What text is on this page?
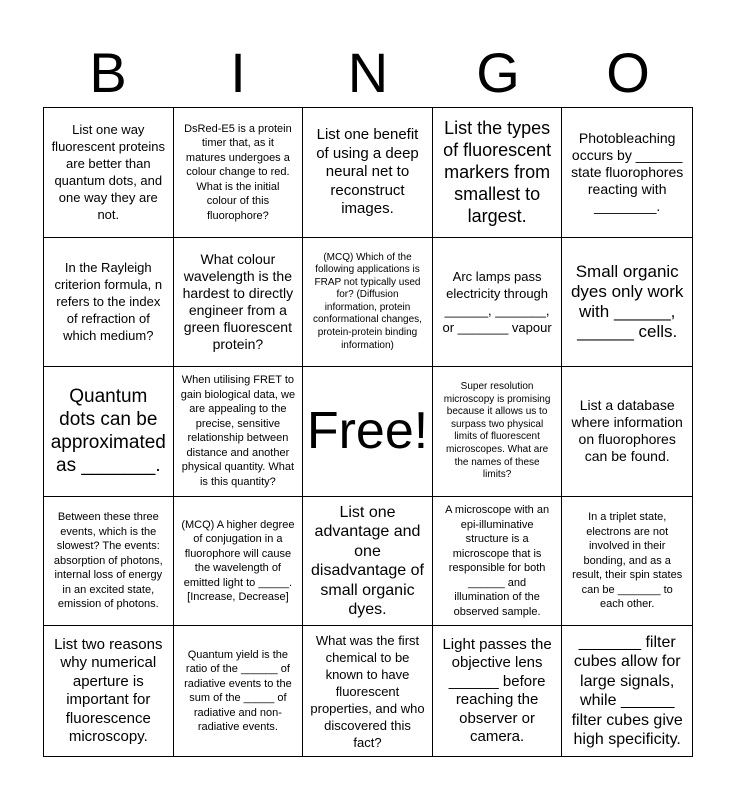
B	I	N	G	O
List one way fluorescent proteins are better than quantum dots, and one way they are not.
DsRed-E5 is a protein timer that, as it matures undergoes a colour change to red. What is the initial colour of this fluorophore?
List one benefit of using a deep neural net to reconstruct images.
List the types of fluorescent markers from smallest to largest.
Photobleaching occurs by ______ state fluorophores reacting with ________.
In the Rayleigh criterion formula, n refers to the index of refraction of which medium?
What colour wavelength is the hardest to directly engineer from a green fluorescent protein?
(MCQ) Which of the following applications is FRAP not typically used for? (Diffusion information, protein conformational changes, protein-protein binding information)
Arc lamps pass electricity through ______, _______, or _______ vapour
Small organic dyes only work with ______, ______ cells.
Quantum dots can be approximated as _______.
When utilising FRET to gain biological data, we are appealing to the precise, sensitive relationship between distance and another physical quantity. What is this quantity?
Free!
Super resolution microscopy is promising because it allows us to surpass two physical limits of fluorescent microscopes. What are the names of these limits?
List a database where information on fluorophores can be found.
Between these three events, which is the slowest? The events: absorption of photons, internal loss of energy in an excited state, emission of photons.
(MCQ) A higher degree of conjugation in a fluorophore will cause the wavelength of emitted light to _____. [Increase, Decrease]
List one advantage and one disadvantage of small organic dyes.
A microscope with an epi-illuminative structure is a microscope that is responsible for both ______ and illumination of the observed sample.
In a triplet state, electrons are not involved in their bonding, and as a result, their spin states can be _______ to each other.
List two reasons why numerical aperture is important for fluorescence microscopy.
Quantum yield is the ratio of the ______ of radiative events to the sum of the _____ of radiative and non-radiative events.
What was the first chemical to be known to have fluorescent properties, and who discovered this fact?
Light passes the objective lens ______ before reaching the observer or camera.
_______ filter cubes allow for large signals, while ______ filter cubes give high specificity.
